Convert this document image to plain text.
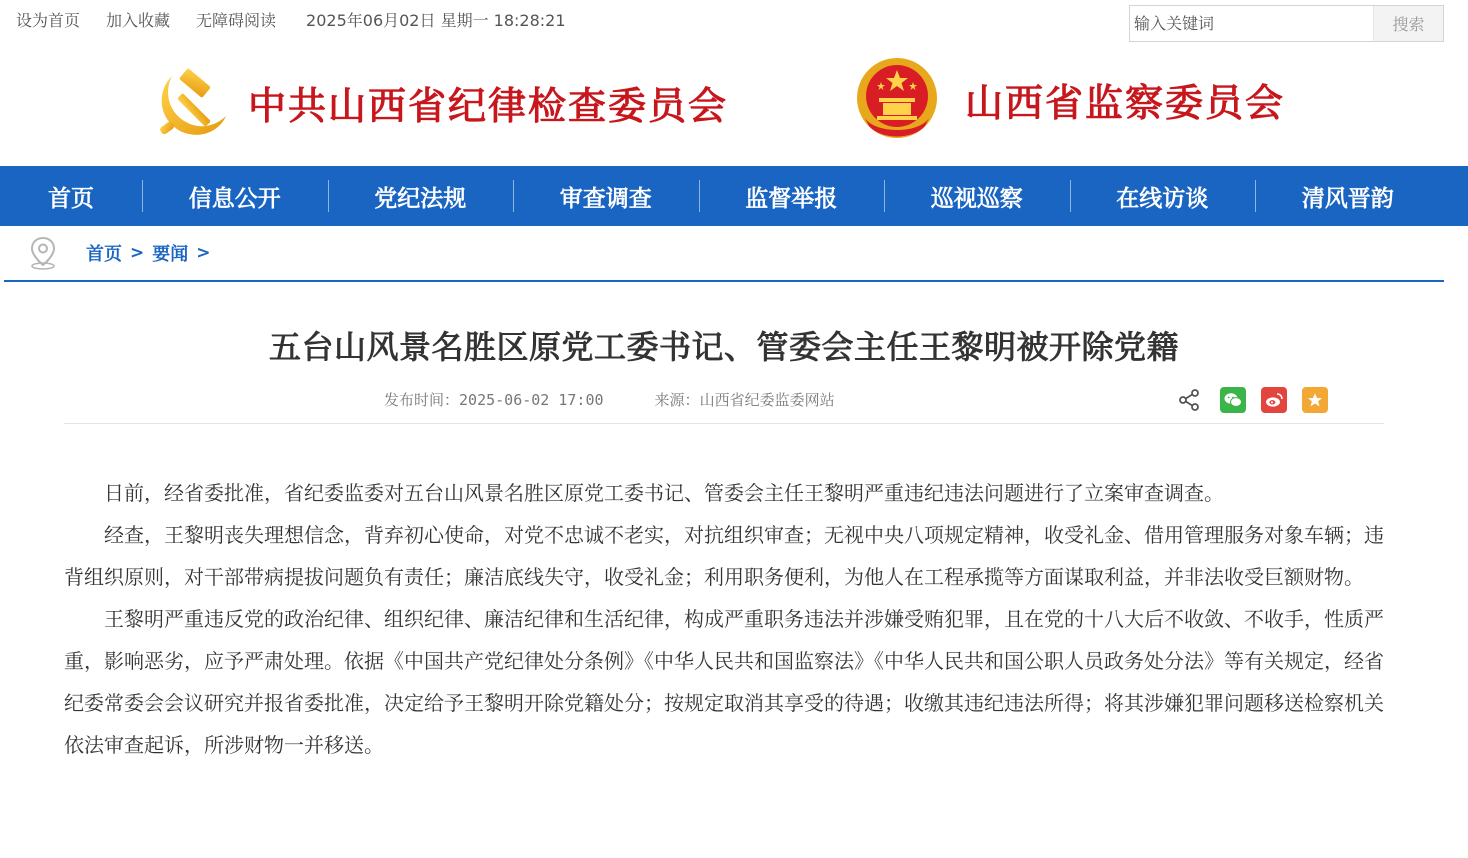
设为首页 加入收藏 无障碍阅读 2025年06月02日 星期一 18:28:21
输入关键词	搜索
中共山西省纪律检查委员会	山西省监察委员会
首页	信息公开	党纪法规	审查调查	监督举报	巡视巡察	在线访谈	清风晋韵
首页 > 要闻 >
五台山风景名胜区原党工委书记、管委会主任王黎明被开除党籍
发布时间：2025-06-02 17:00	来源：山西省纪委监委网站

日前，经省委批准，省纪委监委对五台山风景名胜区原党工委书记、管委会主任王黎明严重违纪违法问题进行了立案审查调查。

经查，王黎明丧失理想信念，背弃初心使命，对党不忠诚不老实，对抗组织审查；无视中央八项规定精神，收受礼金、借用管理服务对象车辆；违背组织原则，对干部带病提拔问题负有责任；廉洁底线失守，收受礼金；利用职务便利，为他人在工程承揽等方面谋取利益，并非法收受巨额财物。

王黎明严重违反党的政治纪律、组织纪律、廉洁纪律和生活纪律，构成严重职务违法并涉嫌受贿犯罪，且在党的十八大后不收敛、不收手，性质严重，影响恶劣，应予严肃处理。依据《中国共产党纪律处分条例》《中华人民共和国监察法》《中华人民共和国公职人员政务处分法》等有关规定，经省纪委常委会会议研究并报省委批准，决定给予王黎明开除党籍处分；按规定取消其享受的待遇；收缴其违纪违法所得；将其涉嫌犯罪问题移送检察机关依法审查起诉，所涉财物一并移送。
